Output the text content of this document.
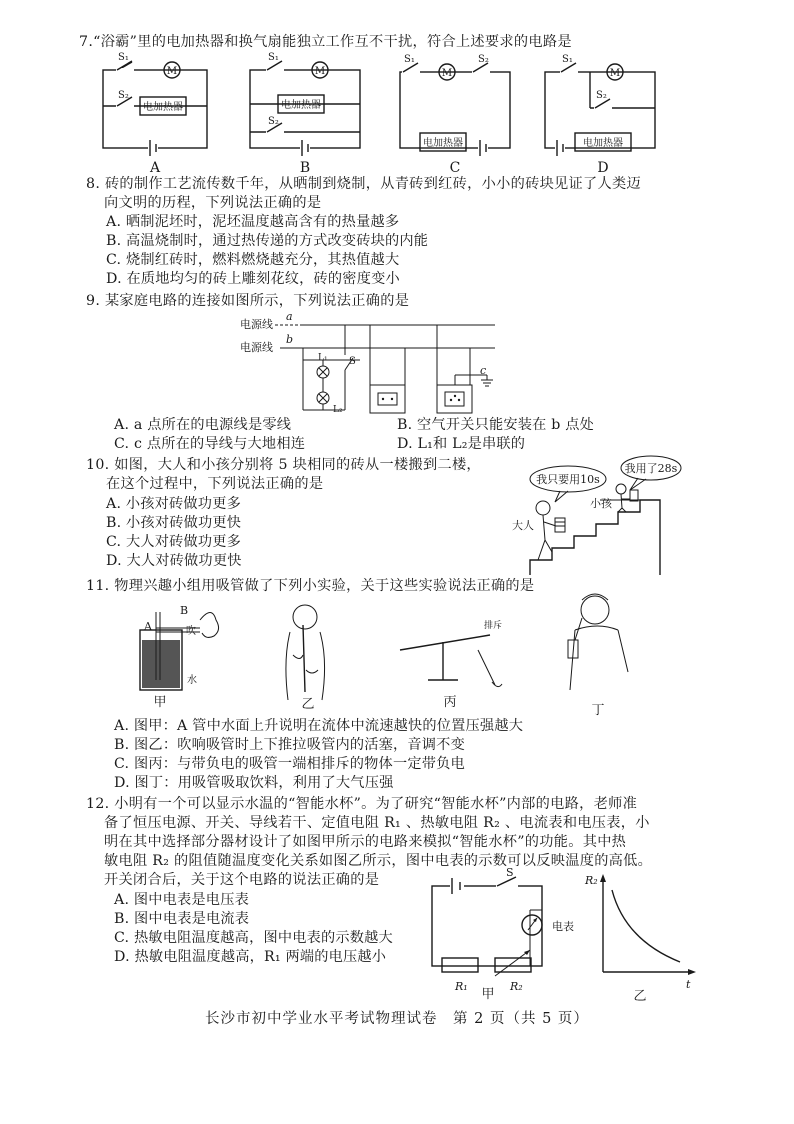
7.“浴霸”里的电加热器和换气扇能独立工作互不干扰，符合上述要求的电路是
M
S₁
S₂
电加热器
A
S₁
M
电加热器
S₂
B
S₁
M
S₂
电加热器
C
S₁
M
S₂
电加热器
D
8. 砖的制作工艺流传数千年，从晒制到烧制，从青砖到红砖，小小的砖块见证了人类迈
向文明的历程，下列说法正确的是
A. 晒制泥坯时，泥坯温度越高含有的热量越多
B. 高温烧制时，通过热传递的方式改变砖块的内能
C. 烧制红砖时，燃料燃烧越充分，其热值越大
D. 在质地均匀的砖上雕刻花纹，砖的密度变小
9. 某家庭电路的连接如图所示，下列说法正确的是
电源线
电源线
a
b
L₁
L₂
S
c
A. a 点所在的电源线是零线	B. 空气开关只能安装在 b 点处
C. c 点所在的导线与大地相连	D. L₁和 L₂是串联的
10. 如图，大人和小孩分别将 5 块相同的砖从一楼搬到二楼，
在这个过程中，下列说法正确的是
A. 小孩对砖做功更多
B. 小孩对砖做功更快
C. 大人对砖做功更多
D. 大人对砖做功更快
我只要用10s
我用了28s
大人
小孩
11. 物理兴趣小组用吸管做了下列小实验，关于这些实验说法正确的是
A
B
吹
水
甲	乙
排斥
丙
丁
A. 图甲：A 管中水面上升说明在流体中流速越快的位置压强越大
B. 图乙：吹响吸管时上下推拉吸管内的活塞，音调不变
C. 图丙：与带负电的吸管一端相排斥的物体一定带负电
D. 图丁：用吸管吸取饮料，利用了大气压强
12. 小明有一个可以显示水温的“智能水杯”。为了研究“智能水杯”内部的电路，老师准
备了恒压电源、开关、导线若干、定值电阻 R₁ 、热敏电阻 R₂ 、电流表和电压表，小
明在其中选择部分器材设计了如图甲所示的电路来模拟“智能水杯”的功能。其中热
敏电阻 R₂ 的阻值随温度变化关系如图乙所示，图中电表的示数可以反映温度的高低。
开关闭合后，关于这个电路的说法正确的是
A. 图中电表是电压表
B. 图中电表是电流表
C. 热敏电阻温度越高，图中电表的示数越大
D. 热敏电阻温度越高，R₁ 两端的电压越小
S
电表
R₁	R₂
甲
R₂
t
乙
长沙市初中学业水平考试物理试卷　第 2 页（共 5 页）
